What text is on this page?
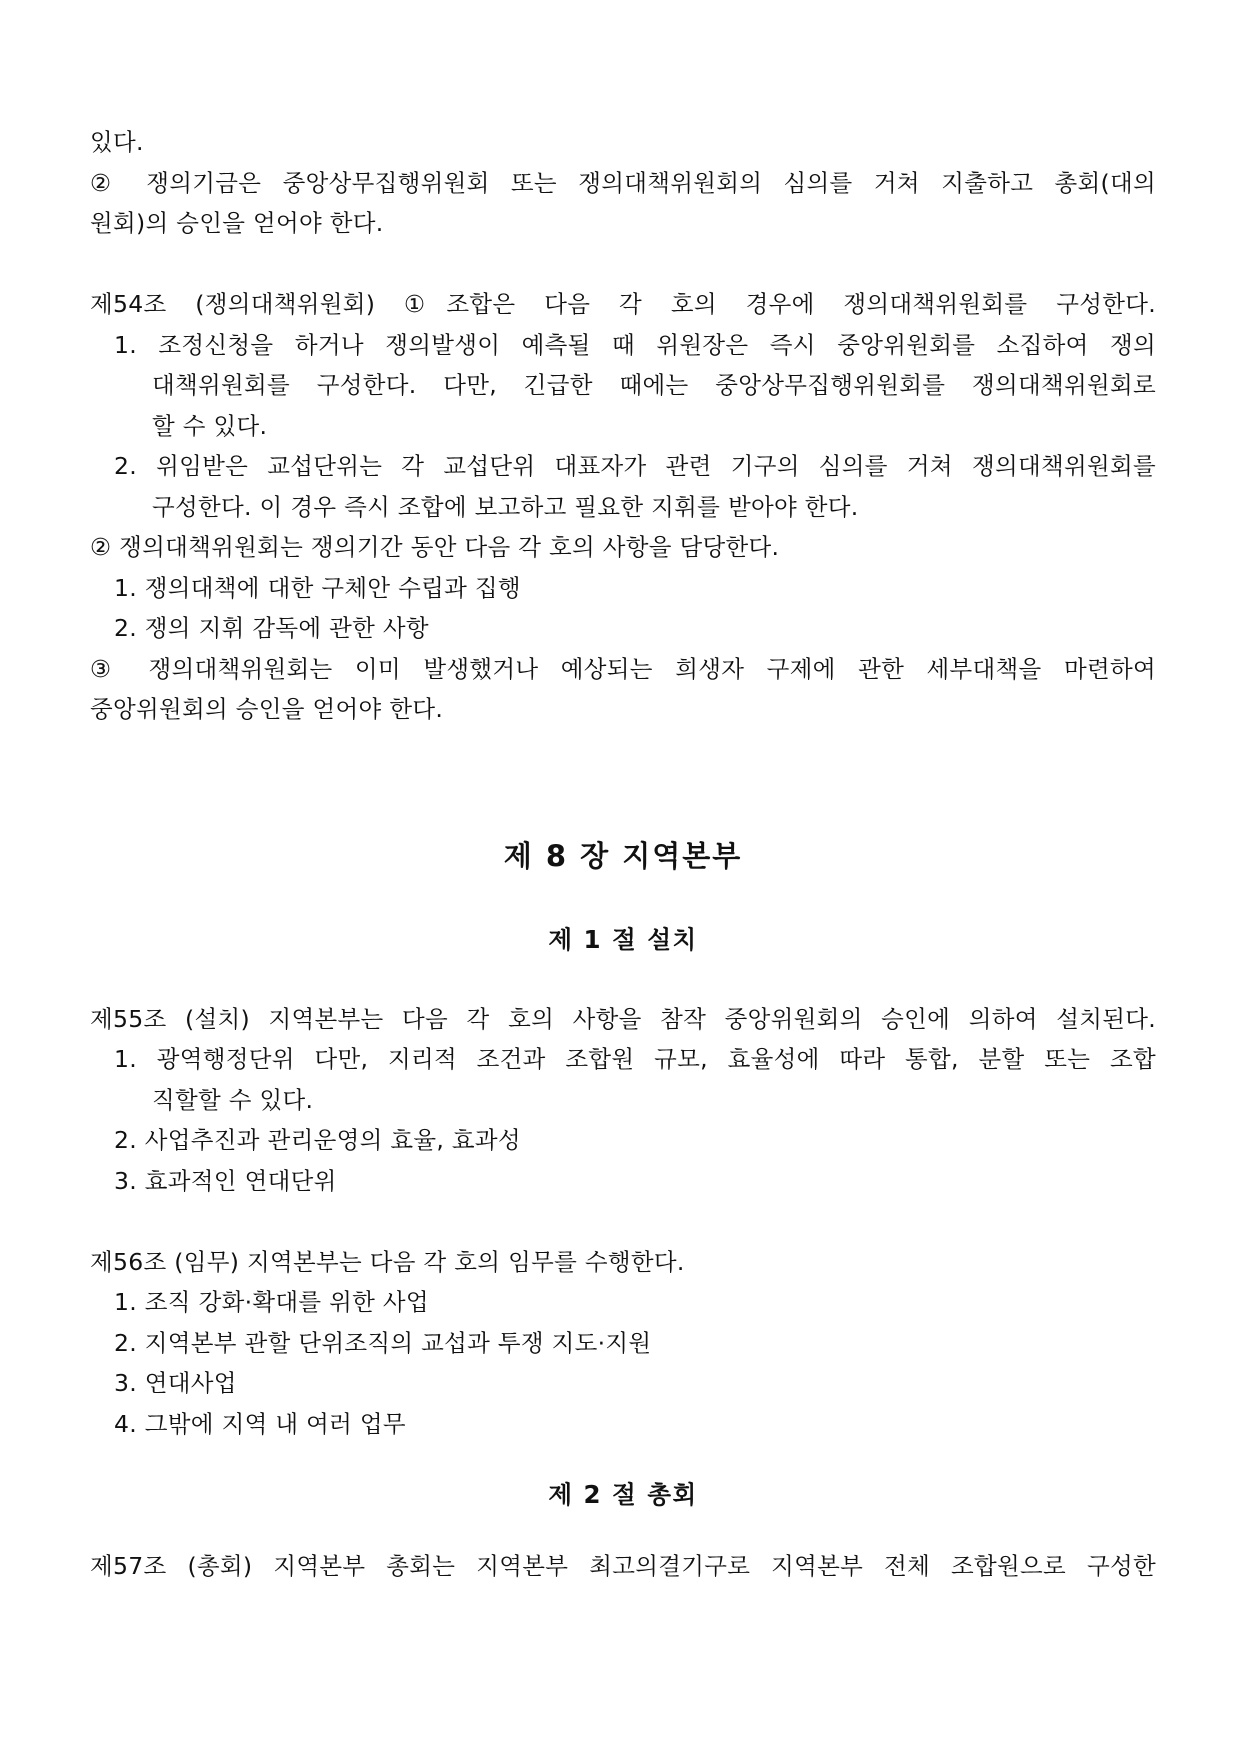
있다.
② 쟁의기금은 중앙상무집행위원회 또는 쟁의대책위원회의 심의를 거쳐 지출하고 총회(대의
원회)의 승인을 얻어야 한다.
제54조 (쟁의대책위원회) ①조합은 다음 각 호의 경우에 쟁의대책위원회를 구성한다.
1. 조정신청을 하거나 쟁의발생이 예측될 때 위원장은 즉시 중앙위원회를 소집하여 쟁의
대책위원회를 구성한다. 다만, 긴급한 때에는 중앙상무집행위원회를 쟁의대책위원회로
할 수 있다.
2. 위임받은 교섭단위는 각 교섭단위 대표자가 관련 기구의 심의를 거쳐 쟁의대책위원회를
구성한다. 이 경우 즉시 조합에 보고하고 필요한 지휘를 받아야 한다.
② 쟁의대책위원회는 쟁의기간 동안 다음 각 호의 사항을 담당한다.
1. 쟁의대책에 대한 구체안 수립과 집행
2. 쟁의 지휘 감독에 관한 사항
③ 쟁의대책위원회는 이미 발생했거나 예상되는 희생자 구제에 관한 세부대책을 마련하여
중앙위원회의 승인을 얻어야 한다.
제 8 장 지역본부
제 1 절 설치
제55조 (설치) 지역본부는 다음 각 호의 사항을 참작 중앙위원회의 승인에 의하여 설치된다.
1. 광역행정단위 다만, 지리적 조건과 조합원 규모, 효율성에 따라 통합, 분할 또는 조합
직할할 수 있다.
2. 사업추진과 관리운영의 효율, 효과성
3. 효과적인 연대단위
제56조 (임무) 지역본부는 다음 각 호의 임무를 수행한다.
1. 조직 강화·확대를 위한 사업
2. 지역본부 관할 단위조직의 교섭과 투쟁 지도·지원
3. 연대사업
4. 그밖에 지역 내 여러 업무
제 2 절 총회
제57조 (총회) 지역본부 총회는 지역본부 최고의결기구로 지역본부 전체 조합원으로 구성한
